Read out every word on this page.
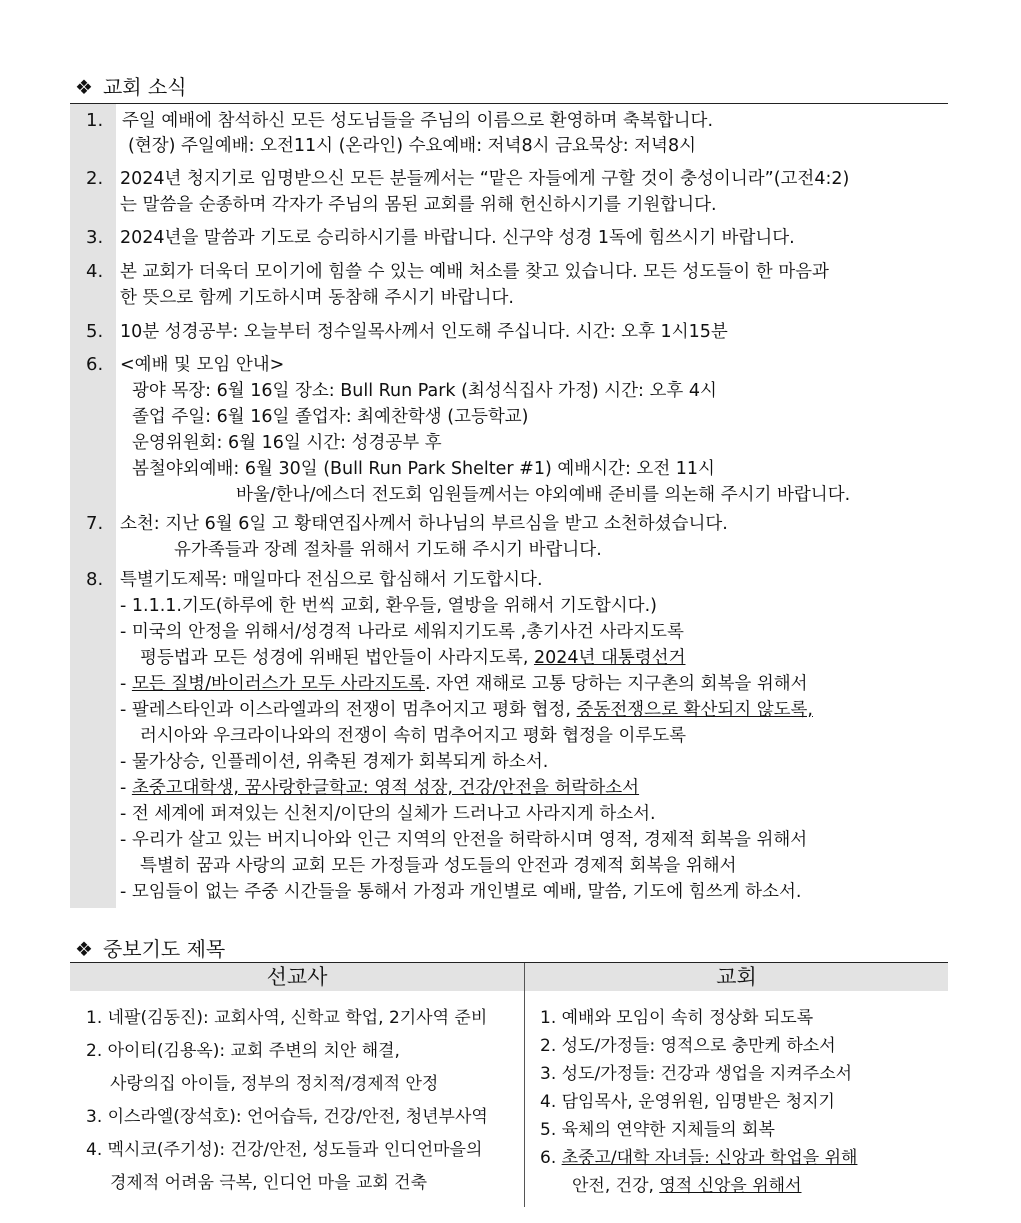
❖ 교회 소식
1. 주일 예배에 참석하신 모든 성도님들을 주님의 이름으로 환영하며 축복합니다.
(현장) 주일예배: 오전11시 (온라인) 수요예배: 저녁8시 금요묵상: 저녁8시
2. 2024년 청지기로 임명받으신 모든 분들께서는 “맡은 자들에게 구할 것이 충성이니라”(고전4:2)
는 말씀을 순종하며 각자가 주님의 몸된 교회를 위해 헌신하시기를 기원합니다.
3. 2024년을 말씀과 기도로 승리하시기를 바랍니다. 신구약 성경 1독에 힘쓰시기 바랍니다.
4. 본 교회가 더욱더 모이기에 힘쓸 수 있는 예배 처소를 찾고 있습니다. 모든 성도들이 한 마음과
한 뜻으로 함께 기도하시며 동참해 주시기 바랍니다.
5. 10분 성경공부: 오늘부터 정수일목사께서 인도해 주십니다. 시간: 오후 1시15분
6. <예배 및 모임 안내>
광야 목장: 6월 16일 장소: Bull Run Park (최성식집사 가정) 시간: 오후 4시
졸업 주일: 6월 16일 졸업자: 최예찬학생 (고등학교)
운영위원회: 6월 16일 시간: 성경공부 후
봄철야외예배: 6월 30일 (Bull Run Park Shelter #1) 예배시간: 오전 11시
바울/한나/에스더 전도회 임원들께서는 야외예배 준비를 의논해 주시기 바랍니다.
7. 소천: 지난 6월 6일 고 황태연집사께서 하나님의 부르심을 받고 소천하셨습니다.
유가족들과 장례 절차를 위해서 기도해 주시기 바랍니다.
8. 특별기도제목: 매일마다 전심으로 합심해서 기도합시다.
- 1.1.1.기도(하루에 한 번씩 교회, 환우들, 열방을 위해서 기도합시다.)
- 미국의 안정을 위해서/성경적 나라로 세워지기도록 ,총기사건 사라지도록
평등법과 모든 성경에 위배된 법안들이 사라지도록, 2024년 대통령선거
- 모든 질병/바이러스가 모두 사라지도록. 자연 재해로 고통 당하는 지구촌의 회복을 위해서
- 팔레스타인과 이스라엘과의 전쟁이 멈추어지고 평화 협정, 중동전쟁으로 확산되지 않도록,
러시아와 우크라이나와의 전쟁이 속히 멈추어지고 평화 협정을 이루도록
- 물가상승, 인플레이션, 위축된 경제가 회복되게 하소서.
- 초중고대학생, 꿈사랑한글학교: 영적 성장, 건강/안전을 허락하소서
- 전 세계에 퍼져있는 신천지/이단의 실체가 드러나고 사라지게 하소서.
- 우리가 살고 있는 버지니아와 인근 지역의 안전을 허락하시며 영적, 경제적 회복을 위해서
특별히 꿈과 사랑의 교회 모든 가정들과 성도들의 안전과 경제적 회복을 위해서
- 모임들이 없는 주중 시간들을 통해서 가정과 개인별로 예배, 말씀, 기도에 힘쓰게 하소서.
❖ 중보기도 제목
선교사	교회
1. 네팔(김동진): 교회사역, 신학교 학업, 2기사역 준비
2. 아이티(김용옥): 교회 주변의 치안 해결,
사랑의집 아이들, 정부의 정치적/경제적 안정
3. 이스라엘(장석호): 언어습득, 건강/안전, 청년부사역
4. 멕시코(주기성): 건강/안전, 성도들과 인디언마을의
경제적 어려움 극복, 인디언 마을 교회 건축
1. 예배와 모임이 속히 정상화 되도록
2. 성도/가정들: 영적으로 충만케 하소서
3. 성도/가정들: 건강과 생업을 지켜주소서
4. 담임목사, 운영위원, 임명받은 청지기
5. 육체의 연약한 지체들의 회복
6. 초중고/대학 자녀들: 신앙과 학업을 위해
안전, 건강, 영적 신앙을 위해서
